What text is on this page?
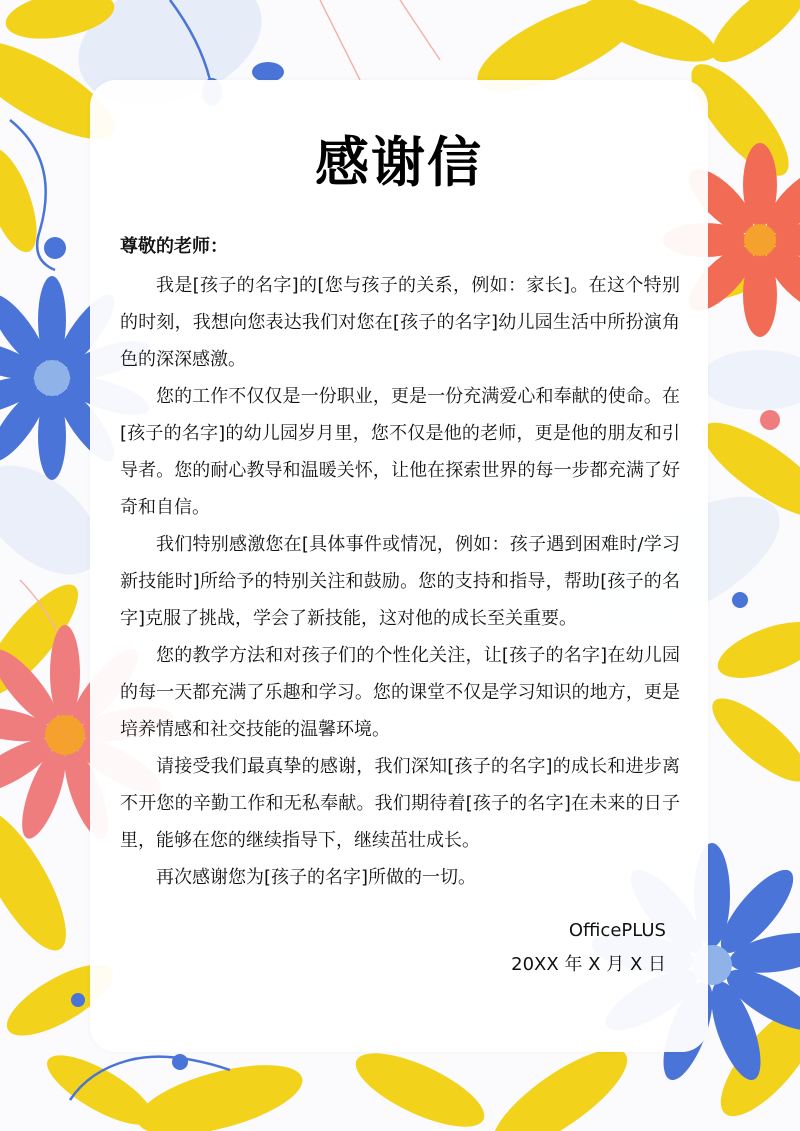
感谢信

尊敬的老师：

我是[孩子的名字]的[您与孩子的关系，例如：家长]。在这个特别的时刻，我想向您表达我们对您在[孩子的名字]幼儿园生活中所扮演角色的深深感激。

您的工作不仅仅是一份职业，更是一份充满爱心和奉献的使命。在[孩子的名字]的幼儿园岁月里，您不仅是他的老师，更是他的朋友和引导者。您的耐心教导和温暖关怀，让他在探索世界的每一步都充满了好奇和自信。

我们特别感激您在[具体事件或情况，例如：孩子遇到困难时/学习新技能时]所给予的特别关注和鼓励。您的支持和指导，帮助[孩子的名字]克服了挑战，学会了新技能，这对他的成长至关重要。

您的教学方法和对孩子们的个性化关注，让[孩子的名字]在幼儿园的每一天都充满了乐趣和学习。您的课堂不仅是学习知识的地方，更是培养情感和社交技能的温馨环境。

请接受我们最真挚的感谢，我们深知[孩子的名字]的成长和进步离不开您的辛勤工作和无私奉献。我们期待着[孩子的名字]在未来的日子里，能够在您的继续指导下，继续茁壮成长。

再次感谢您为[孩子的名字]所做的一切。

OfficePLUS
20XX 年 X 月 X 日
